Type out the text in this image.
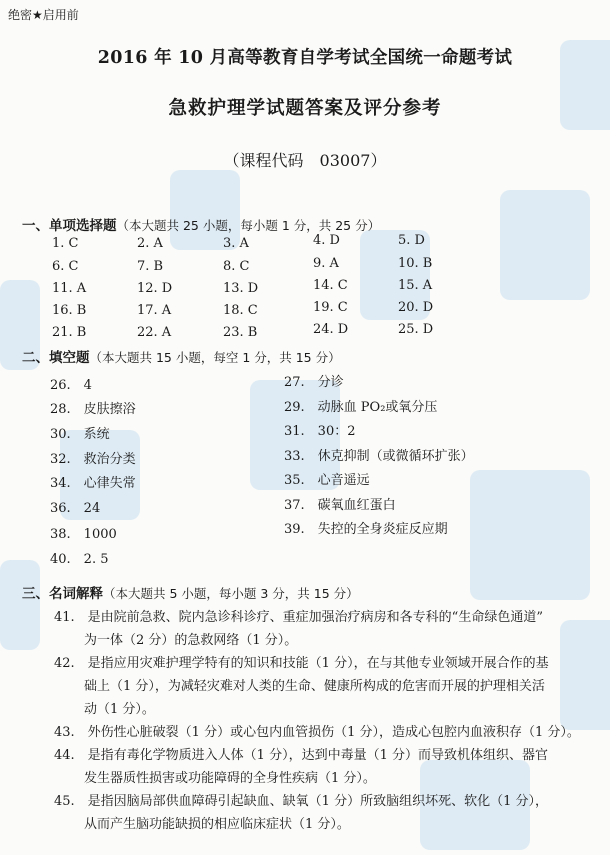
绝密★启用前
2016 年 10 月高等教育自学考试全国统一命题考试
急救护理学试题答案及评分参考
（课程代码　03007）
一、单项选择题（本大题共 25 小题，每小题 1 分，共 25 分）
1. C	2. A	3. A	4. D	5. D
6. C	7. B	8. C	9. A	10. B
11. A	12. D	13. D	14. C	15. A
16. B	17. A	18. C	19. C	20. D
21. B	22. A	23. B	24. D	25. D
二、填空题（本大题共 15 小题，每空 1 分，共 15 分）
26.　4
28.　皮肤擦浴
30.　系统
32.　救治分类
34.　心律失常
36.　24
38.　1000
40.　2. 5
27.　分诊
29.　动脉血 PO₂或氧分压
31.　30：2
33.　休克抑制（或微循环扩张）
35.　心音遥远
37.　碳氧血红蛋白
39.　失控的全身炎症反应期
三、名词解释（本大题共 5 小题，每小题 3 分，共 15 分）

41.　是由院前急救、院内急诊科诊疗、重症加强治疗病房和各专科的“生命绿色通道”

为一体（2 分）的急救网络（1 分）。

42.　是指应用灾难护理学特有的知识和技能（1 分），在与其他专业领域开展合作的基

础上（1 分），为减轻灾难对人类的生命、健康所构成的危害而开展的护理相关活

动（1 分）。

43.　外伤性心脏破裂（1 分）或心包内血管损伤（1 分），造成心包腔内血液积存（1 分）。

44.　是指有毒化学物质进入人体（1 分），达到中毒量（1 分）而导致机体组织、器官

发生器质性损害或功能障碍的全身性疾病（1 分）。

45.　是指因脑局部供血障碍引起缺血、缺氧（1 分）所致脑组织坏死、软化（1 分），

从而产生脑功能缺损的相应临床症状（1 分）。
